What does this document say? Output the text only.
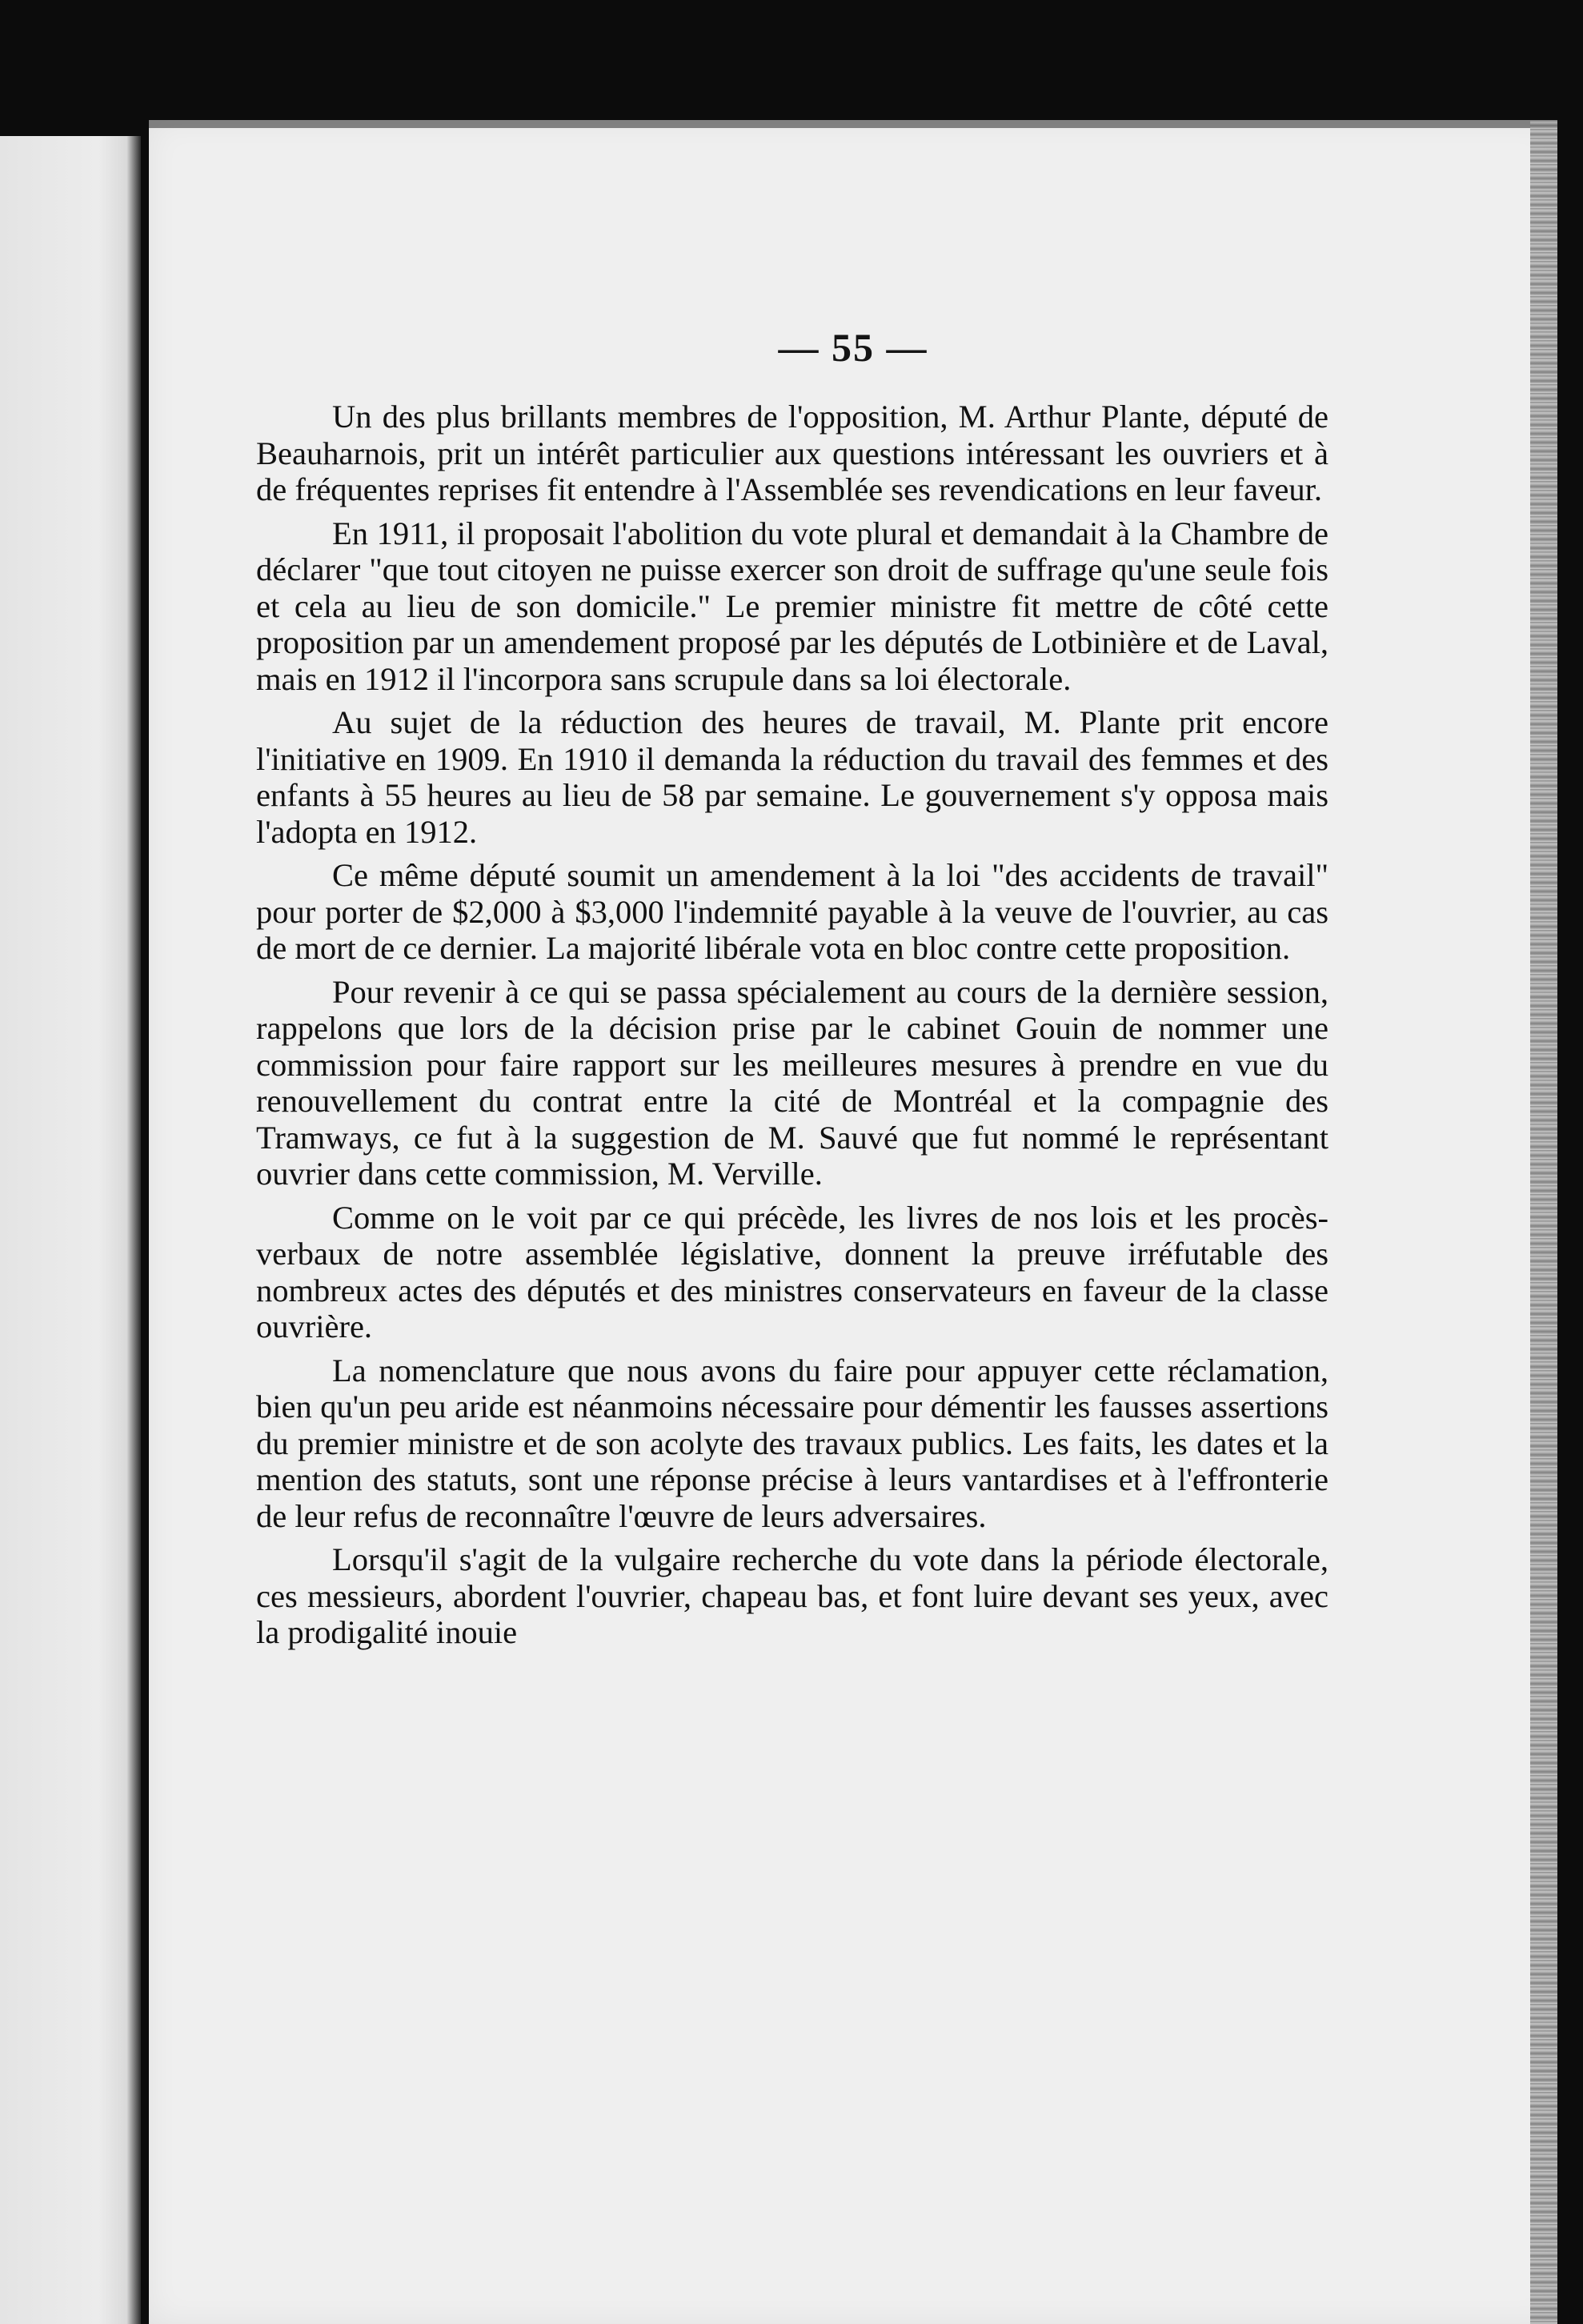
— 55 —

Un des plus brillants membres de l'opposition, M. Arthur Plante, député de Beauharnois, prit un intérêt particulier aux questions intéressant les ouvriers et à de fréquentes reprises fit entendre à l'Assemblée ses revendications en leur faveur.

En 1911, il proposait l'abolition du vote plural et demandait à la Chambre de déclarer "que tout citoyen ne puisse exercer son droit de suffrage qu'une seule fois et cela au lieu de son domicile." Le premier ministre fit mettre de côté cette proposition par un amendement proposé par les députés de Lotbinière et de Laval, mais en 1912 il l'incorpora sans scrupule dans sa loi électorale.

Au sujet de la réduction des heures de travail, M. Plante prit encore l'initiative en 1909. En 1910 il demanda la réduction du travail des femmes et des enfants à 55 heures au lieu de 58 par semaine. Le gouvernement s'y opposa mais l'adopta en 1912.

Ce même député soumit un amendement à la loi "des accidents de travail" pour porter de $2,000 à $3,000 l'indemnité payable à la veuve de l'ouvrier, au cas de mort de ce dernier. La majorité libérale vota en bloc contre cette proposition.

Pour revenir à ce qui se passa spécialement au cours de la dernière session, rappelons que lors de la décision prise par le cabinet Gouin de nommer une commission pour faire rapport sur les meilleures mesures à prendre en vue du renouvellement du contrat entre la cité de Montréal et la compagnie des Tramways, ce fut à la suggestion de M. Sauvé que fut nommé le représentant ouvrier dans cette commission, M. Verville.

Comme on le voit par ce qui précède, les livres de nos lois et les procès-verbaux de notre assemblée législative, donnent la preuve irréfutable des nombreux actes des députés et des ministres conservateurs en faveur de la classe ouvrière.

La nomenclature que nous avons du faire pour appuyer cette réclamation, bien qu'un peu aride est néanmoins nécessaire pour démentir les fausses assertions du premier ministre et de son acolyte des travaux publics. Les faits, les dates et la mention des statuts, sont une réponse précise à leurs vantardises et à l'effronterie de leur refus de reconnaître l'œuvre de leurs adversaires.

Lorsqu'il s'agit de la vulgaire recherche du vote dans la période électorale, ces messieurs, abordent l'ouvrier, chapeau bas, et font luire devant ses yeux, avec la prodigalité inouie
